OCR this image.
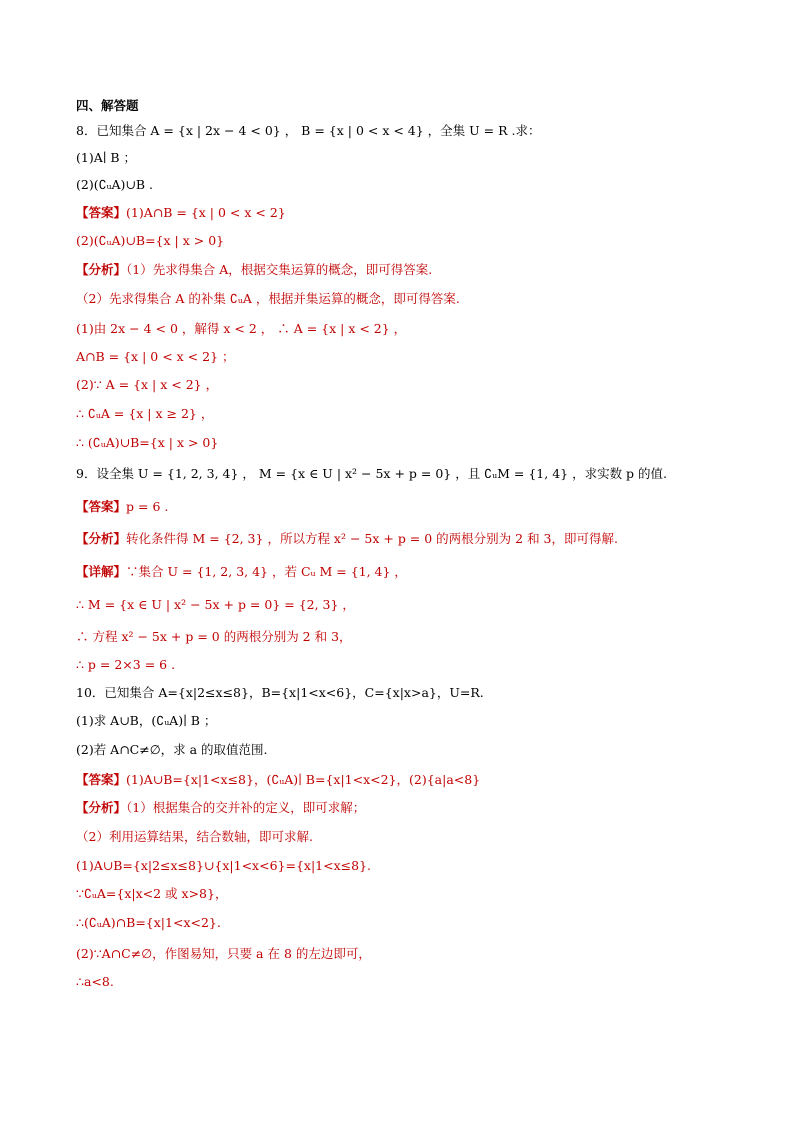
四、解答题
8．已知集合 A = {x | 2x − 4 < 0} ， B = {x | 0 < x < 4} ，全集 U = R .求：
(1)A∣ B ；
(2)(∁ᵤA)∪B .
【答案】(1)A∩B = {x | 0 < x < 2}
(2)(∁ᵤA)∪B={x | x > 0}
【分析】（1）先求得集合 A，根据交集运算的概念，即可得答案.
（2）先求得集合 A 的补集 ∁ᵤA ，根据并集运算的概念，即可得答案.
(1)由 2x − 4 < 0 ，解得 x < 2 ， ∴ A = {x | x < 2} ，
A∩B = {x | 0 < x < 2} ；
(2)∵ A = {x | x < 2} ，
∴ ∁ᵤA = {x | x ≥ 2} ，
∴ (∁ᵤA)∪B={x | x > 0}
9．设全集 U = {1, 2, 3, 4} ， M = {x ∈ U | x² − 5x + p = 0} ，且 ∁ᵤM = {1, 4} ，求实数 p 的值.
【答案】p = 6 .
【分析】转化条件得 M = {2, 3} ，所以方程 x² − 5x + p = 0 的两根分别为 2 和 3，即可得解.
【详解】∵集合 U = {1, 2, 3, 4} ，若 Cᵤ M = {1, 4} ，
∴ M = {x ∈ U | x² − 5x + p = 0} = {2, 3} ，
∴ 方程 x² − 5x + p = 0 的两根分别为 2 和 3，
∴ p = 2×3 = 6 .
10．已知集合 A={x|2≤x≤8}，B={x|1<x<6}，C={x|x>a}，U=R.
(1)求 A∪B，(∁ᵤA)∣ B ；
(2)若 A∩C≠∅，求 a 的取值范围.
【答案】(1)A∪B={x|1<x≤8}，(∁ᵤA)∣ B={x|1<x<2}，(2){a|a<8}
【分析】（1）根据集合的交并补的定义，即可求解；
（2）利用运算结果，结合数轴，即可求解.
(1)A∪B={x|2≤x≤8}∪{x|1<x<6}={x|1<x≤8}.
∵∁ᵤA={x|x<2 或 x>8}，
∴(∁ᵤA)∩B={x|1<x<2}.
(2)∵A∩C≠∅，作图易知，只要 a 在 8 的左边即可，
∴a<8.
